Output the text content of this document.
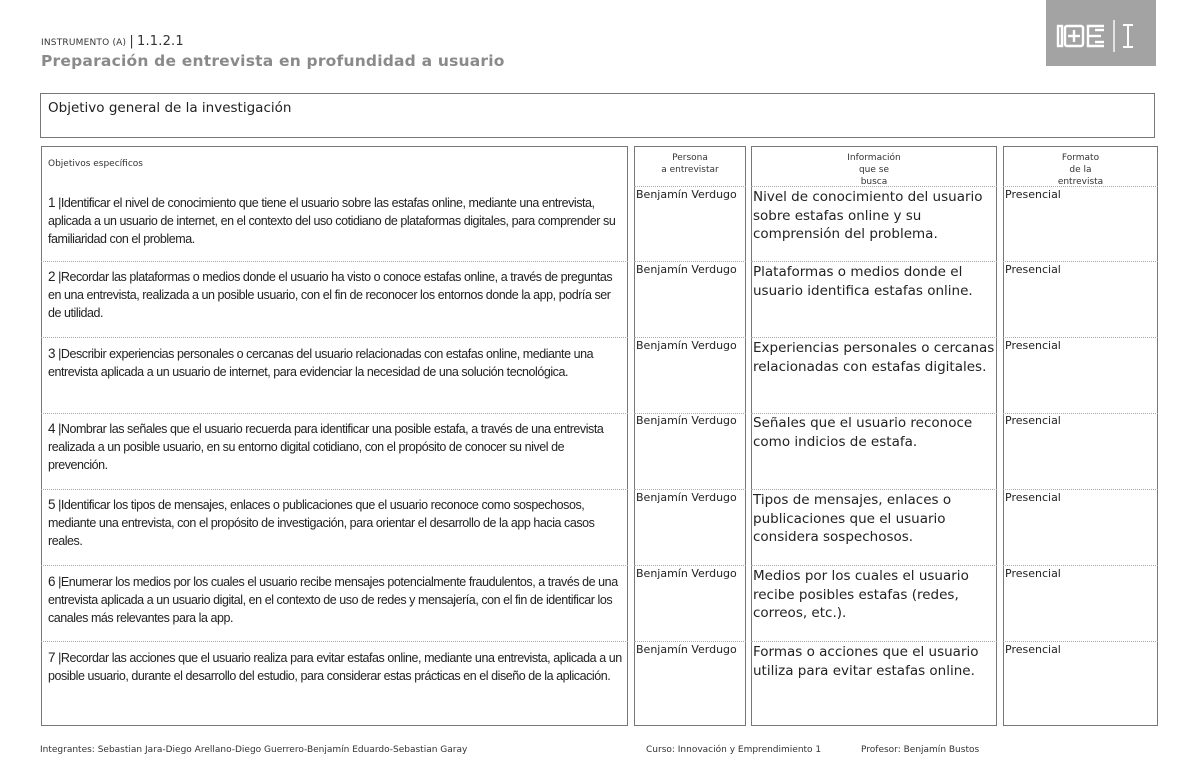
INSTRUMENTO (A) | 1.1.2.1
Preparación de entrevista en profundidad a usuario
Objetivo general de la investigación
Objetivos específicos
Persona
a entrevistar
Información
que se
busca
Formato
de la
entrevista
1 |Identificar el nivel de conocimiento que tiene el usuario sobre las estafas online, mediante una entrevista, aplicada a un usuario de internet, en el contexto del uso cotidiano de plataformas digitales, para comprender su familiaridad con el problema.
Benjamín Verdugo Nivel de conocimiento del usuario sobre estafas online y su comprensión del problema.
Presencial
2 |Recordar las plataformas o medios donde el usuario ha visto o conoce estafas online, a través de preguntas en una entrevista, realizada a un posible usuario, con el fin de reconocer los entornos donde la app, podría ser de utilidad.
Benjamín Verdugo Plataformas o medios donde el usuario identifica estafas online.
Presencial
3 |Describir experiencias personales o cercanas del usuario relacionadas con estafas online, mediante una entrevista aplicada a un usuario de internet, para evidenciar la necesidad de una solución tecnológica.
Benjamín Verdugo Experiencias personales o cercanas relacionadas con estafas digitales.
Presencial
4 |Nombrar las señales que el usuario recuerda para identificar una posible estafa, a través de una entrevista realizada a un posible usuario, en su entorno digital cotidiano, con el propósito de conocer su nivel de prevención.
Benjamín Verdugo Señales que el usuario reconoce como indicios de estafa.
Presencial
5 |Identificar los tipos de mensajes, enlaces o publicaciones que el usuario reconoce como sospechosos, mediante una entrevista, con el propósito de investigación, para orientar el desarrollo de la app hacia casos reales.
Benjamín Verdugo Tipos de mensajes, enlaces o publicaciones que el usuario considera sospechosos.
Presencial
6 |Enumerar los medios por los cuales el usuario recibe mensajes potencialmente fraudulentos, a través de una entrevista aplicada a un usuario digital, en el contexto de uso de redes y mensajería, con el fin de identificar los canales más relevantes para la app.
Benjamín Verdugo Medios por los cuales el usuario recibe posibles estafas (redes, correos, etc.).
Presencial
7 |Recordar las acciones que el usuario realiza para evitar estafas online, mediante una entrevista, aplicada a un posible usuario, durante el desarrollo del estudio, para considerar estas prácticas en el diseño de la aplicación.
Benjamín Verdugo Formas o acciones que el usuario utiliza para evitar estafas online.
Presencial
Integrantes: Sebastian Jara-Diego Arellano-Diego Guerrero-Benjamín Eduardo-Sebastian Garay	Curso: Innovación y Emprendimiento 1	Profesor: Benjamín Bustos
